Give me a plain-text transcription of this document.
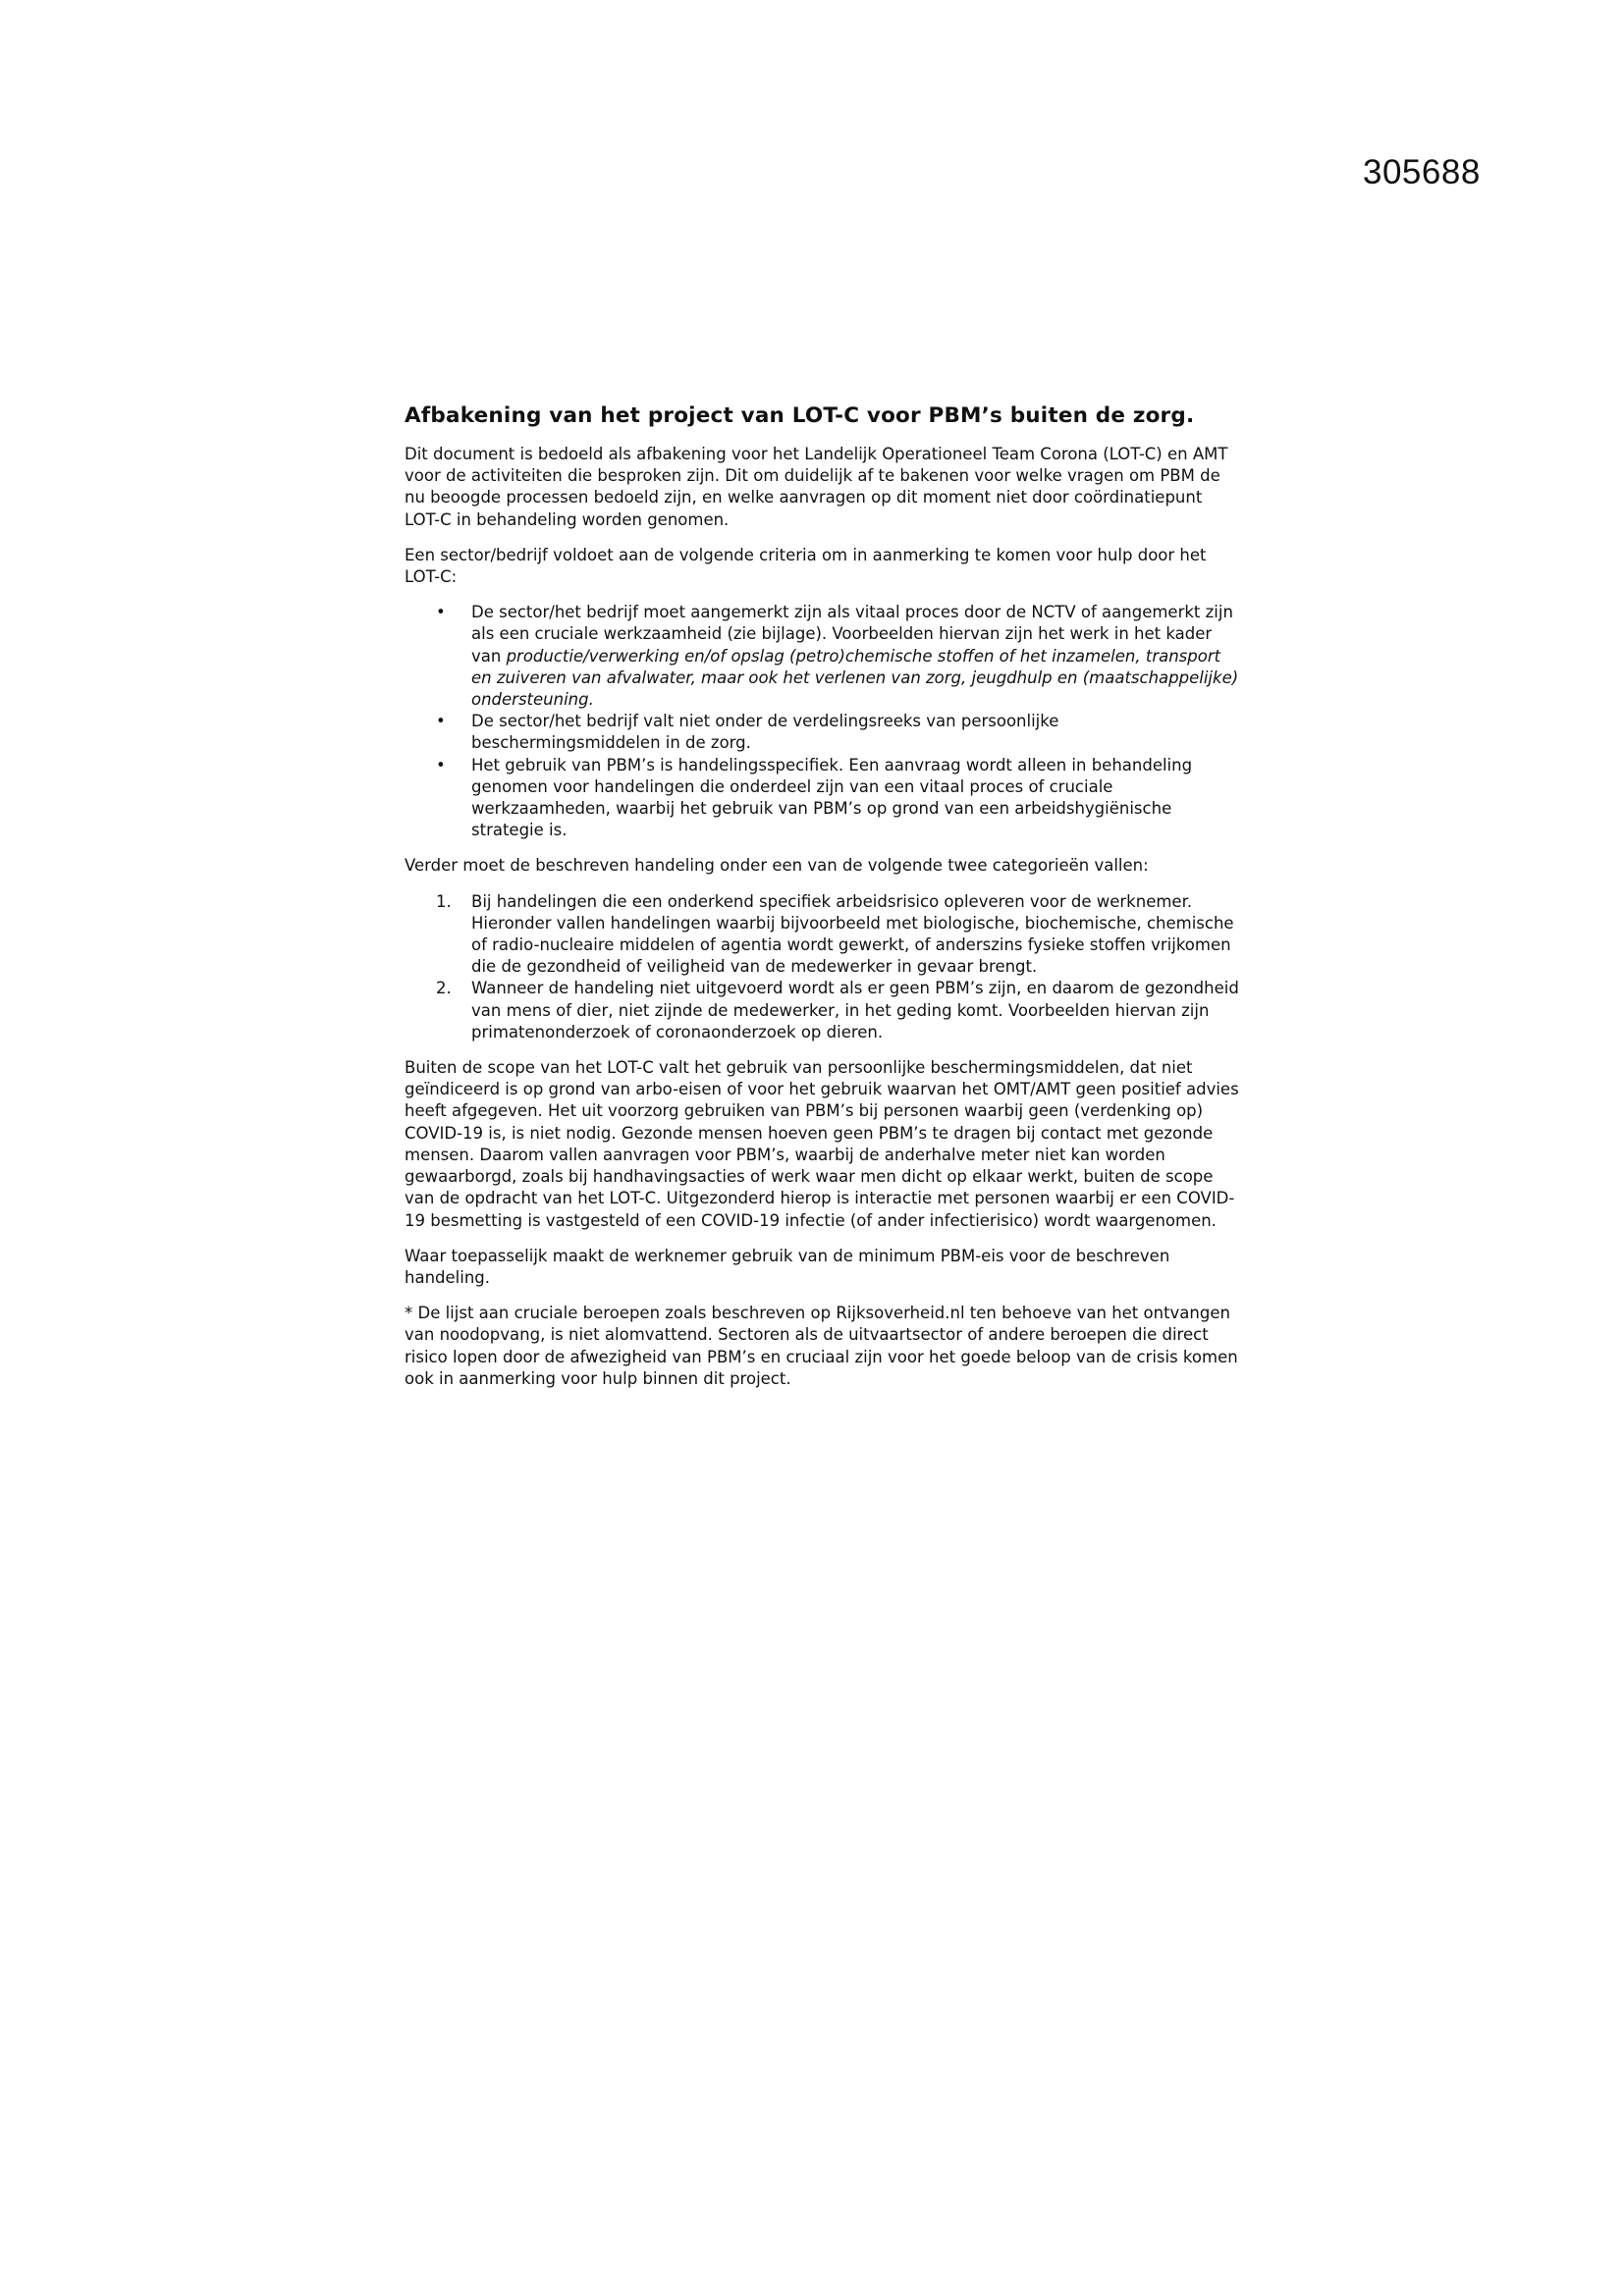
305688
Afbakening van het project van LOT-C voor PBM’s buiten de zorg.

Dit document is bedoeld als afbakening voor het Landelijk Operationeel Team Corona (LOT-C) en AMT voor de activiteiten die besproken zijn. Dit om duidelijk af te bakenen voor welke vragen om PBM de nu beoogde processen bedoeld zijn, en welke aanvragen op dit moment niet door coördinatiepunt LOT-C in behandeling worden genomen.

Een sector/bedrijf voldoet aan de volgende criteria om in aanmerking te komen voor hulp door het LOT-C:

• De sector/het bedrijf moet aangemerkt zijn als vitaal proces door de NCTV of aangemerkt zijn als een cruciale werkzaamheid (zie bijlage). Voorbeelden hiervan zijn het werk in het kader van productie/verwerking en/of opslag (petro)chemische stoffen of het inzamelen, transport en zuiveren van afvalwater, maar ook het verlenen van zorg, jeugdhulp en (maatschappelijke) ondersteuning.
• De sector/het bedrijf valt niet onder de verdelingsreeks van persoonlijke beschermingsmiddelen in de zorg.
• Het gebruik van PBM’s is handelingsspecifiek. Een aanvraag wordt alleen in behandeling genomen voor handelingen die onderdeel zijn van een vitaal proces of cruciale werkzaamheden, waarbij het gebruik van PBM’s op grond van een arbeidshygiënische strategie is.

Verder moet de beschreven handeling onder een van de volgende twee categorieën vallen:

1. Bij handelingen die een onderkend specifiek arbeidsrisico opleveren voor de werknemer. Hieronder vallen handelingen waarbij bijvoorbeeld met biologische, biochemische, chemische of radio-nucleaire middelen of agentia wordt gewerkt, of anderszins fysieke stoffen vrijkomen die de gezondheid of veiligheid van de medewerker in gevaar brengt.
2. Wanneer de handeling niet uitgevoerd wordt als er geen PBM’s zijn, en daarom de gezondheid van mens of dier, niet zijnde de medewerker, in het geding komt. Voorbeelden hiervan zijn primatenonderzoek of coronaonderzoek op dieren.

Buiten de scope van het LOT-C valt het gebruik van persoonlijke beschermingsmiddelen, dat niet geïndiceerd is op grond van arbo-eisen of voor het gebruik waarvan het OMT/AMT geen positief advies heeft afgegeven. Het uit voorzorg gebruiken van PBM’s bij personen waarbij geen (verdenking op) COVID-19 is, is niet nodig. Gezonde mensen hoeven geen PBM’s te dragen bij contact met gezonde mensen. Daarom vallen aanvragen voor PBM’s, waarbij de anderhalve meter niet kan worden gewaarborgd, zoals bij handhavingsacties of werk waar men dicht op elkaar werkt, buiten de scope van de opdracht van het LOT-C. Uitgezonderd hierop is interactie met personen waarbij er een COVID-19 besmetting is vastgesteld of een COVID-19 infectie (of ander infectierisico) wordt waargenomen.

Waar toepasselijk maakt de werknemer gebruik van de minimum PBM-eis voor de beschreven handeling.

* De lijst aan cruciale beroepen zoals beschreven op Rijksoverheid.nl ten behoeve van het ontvangen van noodopvang, is niet alomvattend. Sectoren als de uitvaartsector of andere beroepen die direct risico lopen door de afwezigheid van PBM’s en cruciaal zijn voor het goede beloop van de crisis komen ook in aanmerking voor hulp binnen dit project.
